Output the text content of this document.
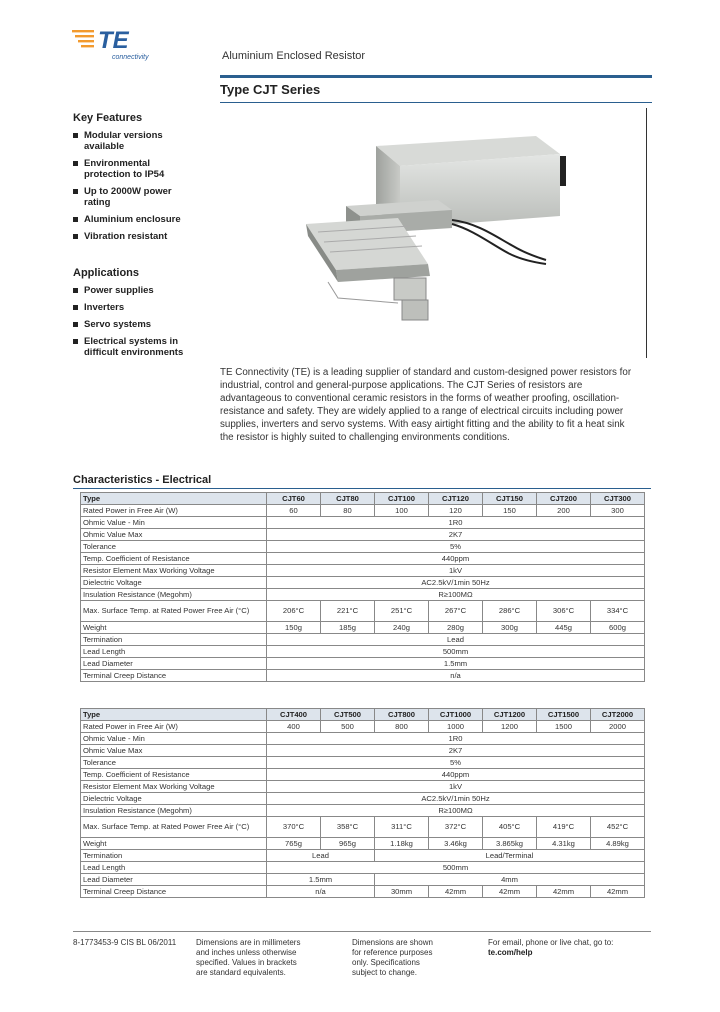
TE
connectivity	Aluminium Enclosed Resistor
Type CJT Series
Key Features
Modular versions available
Environmental protection to IP54
Up to 2000W power rating
Aluminium enclosure
Vibration resistant
Applications
Power supplies
Inverters
Servo systems
Electrical systems in difficult environments
TE Connectivity (TE) is a leading supplier of standard and custom-designed power resistors for industrial, control and general-purpose applications. The CJT Series of resistors are advantageous to conventional ceramic resistors in the forms of weather proofing, oscillation-resistance and safety. They are widely applied to a range of electrical circuits including power supplies, inverters and servo systems. With easy airtight fitting and the ability to fit a heat sink the resistor is highly suited to challenging environments conditions.
Characteristics - Electrical
Type	CJT60	CJT80	CJT100	CJT120	CJT150	CJT200	CJT300
Rated Power in Free Air (W)	60	80	100	120	150	200	300
Ohmic Value - Min	1R0						
Ohmic Value Max	2K7						
Tolerance	5%						
Temp. Coefficient of Resistance	440ppm						
Resistor Element Max Working Voltage	1kV						
Dielectric Voltage	AC2.5kV/1min 50Hz						
Insulation Resistance (Megohm)	R≥100MΩ						
Max. Surface Temp. at Rated Power Free Air (°C)	206°C	221°C	251°C	267°C	286°C	306°C	334°C
Weight	150g	185g	240g	280g	300g	445g	600g
Termination	Lead						
Lead Length	500mm						
Lead Diameter	1.5mm						
Terminal Creep Distance	n/a						
Type	CJT400	CJT500	CJT800	CJT1000	CJT1200	CJT1500	CJT2000
Rated Power in Free Air (W)	400	500	800	1000	1200	1500	2000
Ohmic Value - Min	1R0						
Ohmic Value Max	2K7						
Tolerance	5%						
Temp. Coefficient of Resistance	440ppm						
Resistor Element Max Working Voltage	1kV						
Dielectric Voltage	AC2.5kV/1min 50Hz						
Insulation Resistance (Megohm)	R≥100MΩ						
Max. Surface Temp. at Rated Power Free Air (°C)	370°C	358°C	311°C	372°C	405°C	419°C	452°C
Weight	765g	965g	1.18kg	3.46kg	3.865kg	4.31kg	4.89kg
Termination	Lead		Lead/Terminal				
Lead Length	500mm						
Lead Diameter	1.5mm		4mm				
Terminal Creep Distance	n/a		30mm	42mm	42mm	42mm	42mm
8-1773453-9 CIS BL 06/2011	Dimensions are in millimeters and inches unless otherwise specified. Values in brackets are standard equivalents.
Dimensions are shown for reference purposes only. Specifications subject to change.
For email, phone or live chat, go to: te.com/help
